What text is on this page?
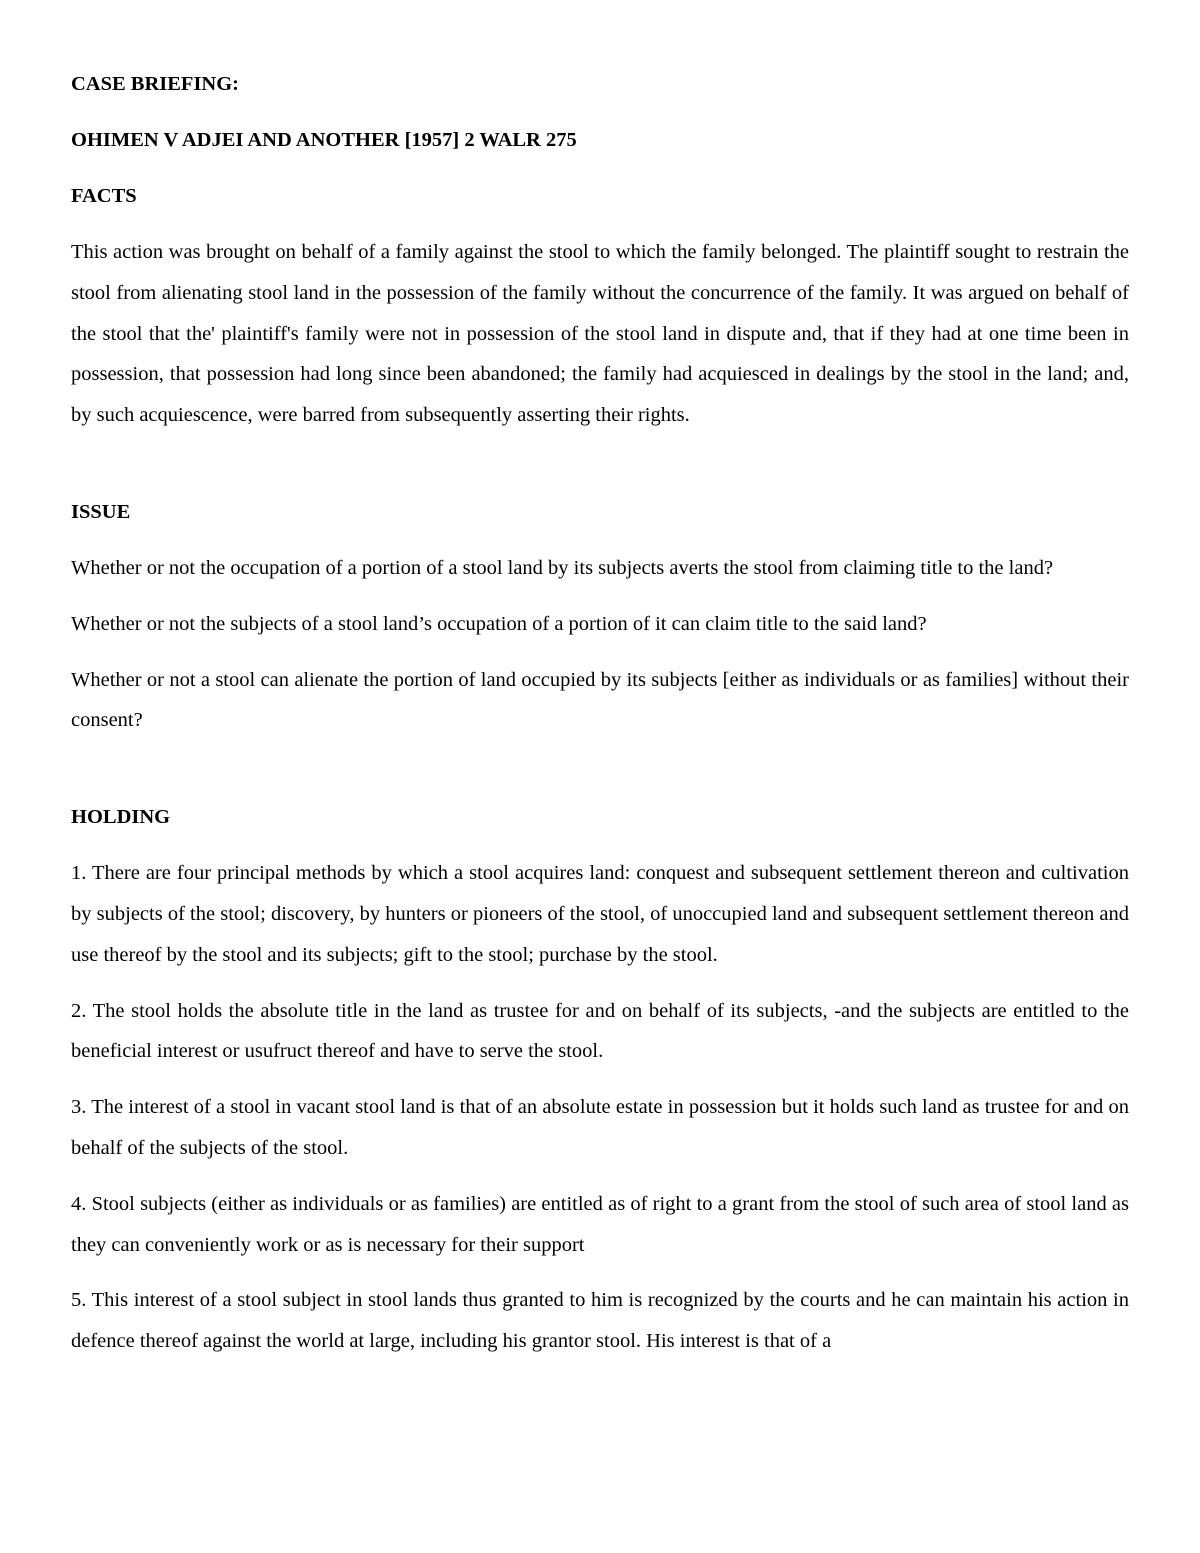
CASE BRIEFING:

OHIMEN V ADJEI AND ANOTHER [1957] 2 WALR 275

FACTS

This action was brought on behalf of a family against the stool to which the family belonged. The plaintiff sought to restrain the stool from alienating stool land in the possession of the family without the concurrence of the family. It was argued on behalf of the stool that the' plaintiff's family were not in possession of the stool land in dispute and, that if they had at one time been in possession, that possession had long since been abandoned; the family had acquiesced in dealings by the stool in the land; and, by such acquiescence, were barred from subsequently asserting their rights.

ISSUE

Whether or not the occupation of a portion of a stool land by its subjects averts the stool from claiming title to the land?

Whether or not the subjects of a stool land’s occupation of a portion of it can claim title to the said land?

Whether or not a stool can alienate the portion of land occupied by its subjects [either as individuals or as families] without their consent?

HOLDING

1. There are four principal methods by which a stool acquires land: conquest and subsequent settlement thereon and cultivation by subjects of the stool; discovery, by hunters or pioneers of the stool, of unoccupied land and subsequent settlement thereon and use thereof by the stool and its subjects; gift to the stool; purchase by the stool.

2. The stool holds the absolute title in the land as trustee for and on behalf of its subjects, -and the subjects are entitled to the beneficial interest or usufruct thereof and have to serve the stool.

3. The interest of a stool in vacant stool land is that of an absolute estate in possession but it holds such land as trustee for and on behalf of the subjects of the stool.

4. Stool subjects (either as individuals or as families) are entitled as of right to a grant from the stool of such area of stool land as they can conveniently work or as is necessary for their support

5. This interest of a stool subject in stool lands thus granted to him is recognized by the courts and he can maintain his action in defence thereof against the world at large, including his grantor stool. His interest is that of a
